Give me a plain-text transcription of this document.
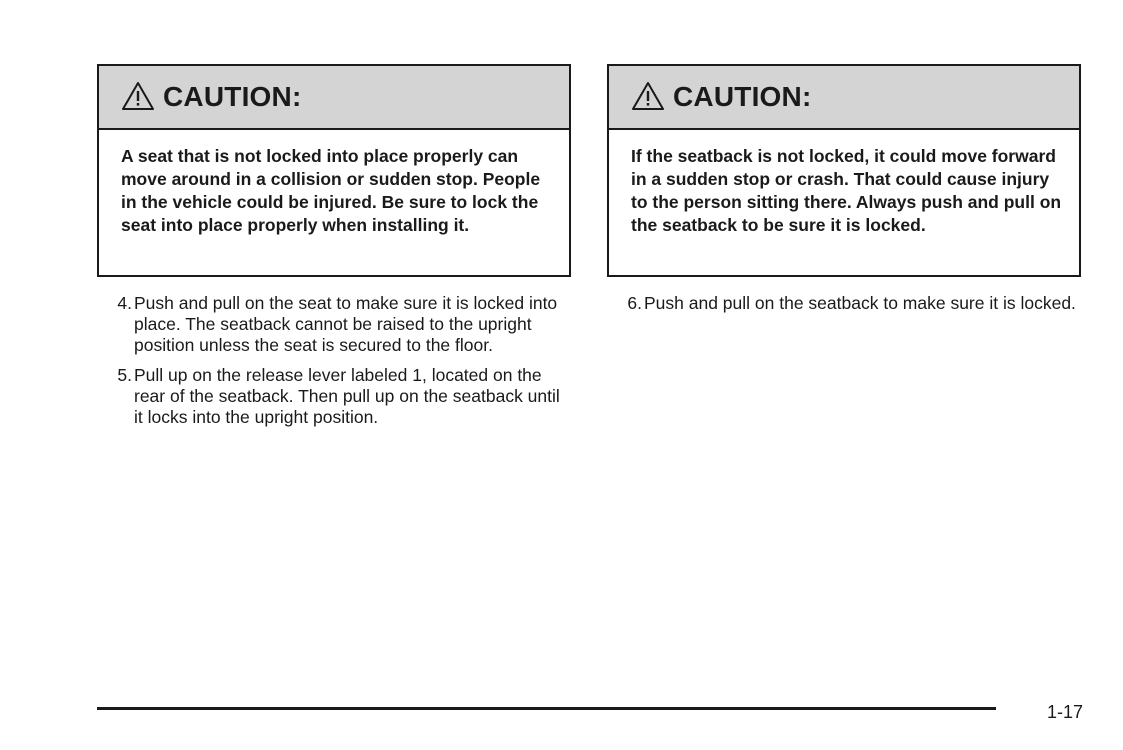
CAUTION:
A seat that is not locked into place properly can move around in a collision or sudden stop. People in the vehicle could be injured. Be sure to lock the seat into place properly when installing it.
4. Push and pull on the seat to make sure it is locked into place. The seatback cannot be raised to the upright position unless the seat is secured to the floor.
5. Pull up on the release lever labeled 1, located on the rear of the seatback. Then pull up on the seatback until it locks into the upright position.
CAUTION:
If the seatback is not locked, it could move forward in a sudden stop or crash. That could cause injury to the person sitting there. Always push and pull on the seatback to be sure it is locked.
6. Push and pull on the seatback to make sure it is locked.
1-17
